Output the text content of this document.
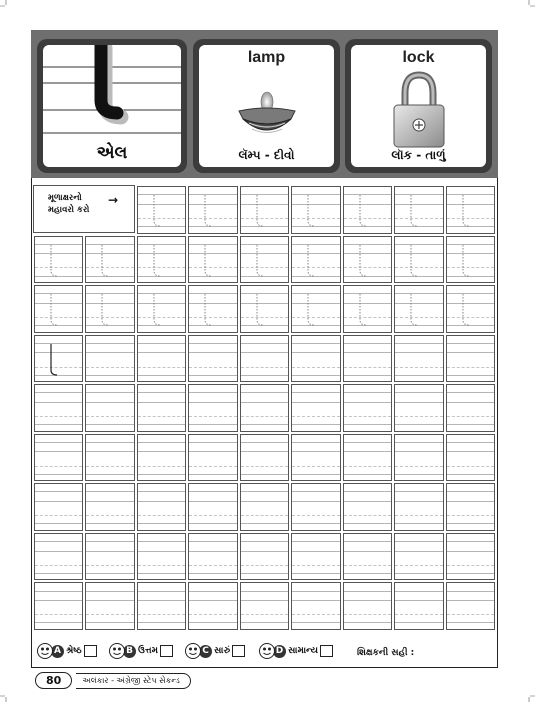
એલ
lamp
લૅમ્પ - દીવો
lock
લૉક - તાળું
મૂળાક્ષરનો
મહાવરો કરો
→
શિક્ષકની સહી :
A શ્રેષ્ઠ	B ઉત્તમ	C સારું	D સામાન્ય
80	અલંકાર - અંગ્રેજી સ્ટેપ સેકન્ડ
